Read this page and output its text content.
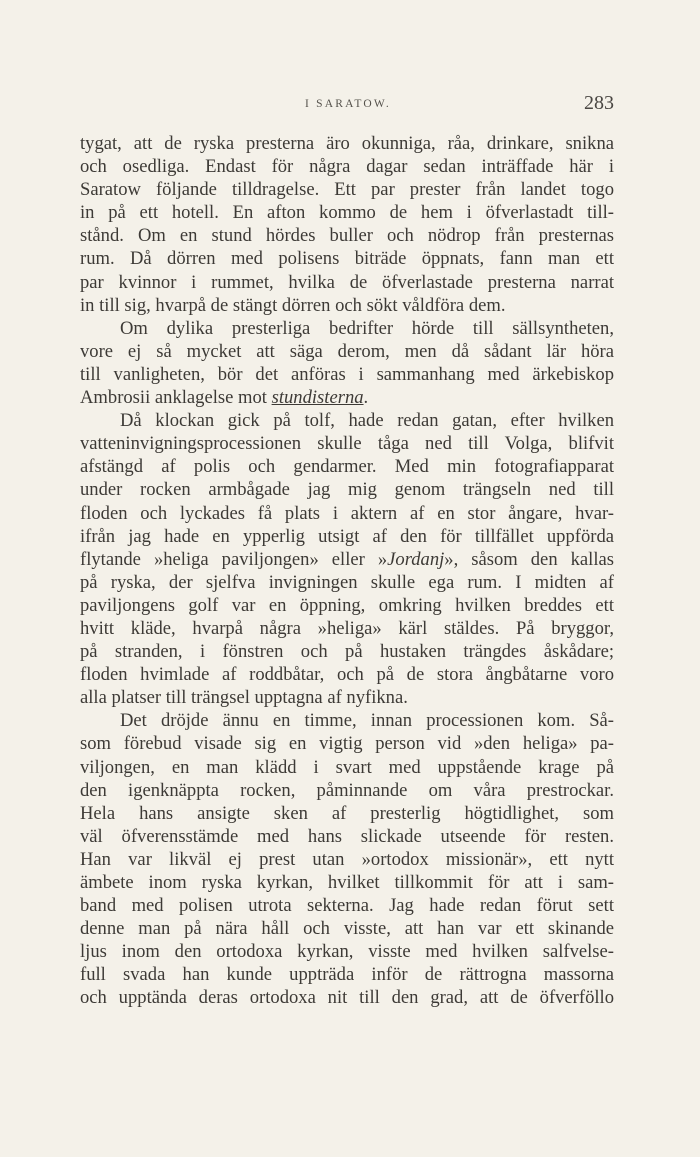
I SARATOW.	283
tygat, att de ryska presterna äro okunniga, råa, drinkare, snikna
och osedliga. Endast för några dagar sedan inträffade här i
Saratow följande tilldragelse. Ett par prester från landet togo
in på ett hotell. En afton kommo de hem i öfverlastadt till-
stånd. Om en stund hördes buller och nödrop från presternas
rum. Då dörren med polisens biträde öppnats, fann man ett
par kvinnor i rummet, hvilka de öfverlastade presterna narrat
in till sig, hvarpå de stängt dörren och sökt våldföra dem.
Om dylika presterliga bedrifter hörde till sällsyntheten,
vore ej så mycket att säga derom, men då sådant lär höra
till vanligheten, bör det anföras i sammanhang med ärkebiskop
Ambrosii anklagelse mot stundisterna.
Då klockan gick på tolf, hade redan gatan, efter hvilken
vatteninvigningsprocessionen skulle tåga ned till Volga, blifvit
afstängd af polis och gendarmer. Med min fotografiapparat
under rocken armbågade jag mig genom trängseln ned till
floden och lyckades få plats i aktern af en stor ångare, hvar-
ifrån jag hade en ypperlig utsigt af den för tillfället uppförda
flytande »heliga paviljongen» eller »Jordanj», såsom den kallas
på ryska, der sjelfva invigningen skulle ega rum. I midten af
paviljongens golf var en öppning, omkring hvilken breddes ett
hvitt kläde, hvarpå några »heliga» kärl stäldes. På bryggor,
på stranden, i fönstren och på hustaken trängdes åskådare;
floden hvimlade af roddbåtar, och på de stora ångbåtarne voro
alla platser till trängsel upptagna af nyfikna.
Det dröjde ännu en timme, innan processionen kom. Så-
som förebud visade sig en vigtig person vid »den heliga» pa-
viljongen, en man klädd i svart med uppstående krage på
den igenknäppta rocken, påminnande om våra prestrockar.
Hela hans ansigte sken af presterlig högtidlighet, som
väl öfverensstämde med hans slickade utseende för resten.
Han var likväl ej prest utan »ortodox missionär», ett nytt
ämbete inom ryska kyrkan, hvilket tillkommit för att i sam-
band med polisen utrota sekterna. Jag hade redan förut sett
denne man på nära håll och visste, att han var ett skinande
ljus inom den ortodoxa kyrkan, visste med hvilken salfvelse-
full svada han kunde uppträda inför de rättrogna massorna
och upptända deras ortodoxa nit till den grad, att de öfverföllo
